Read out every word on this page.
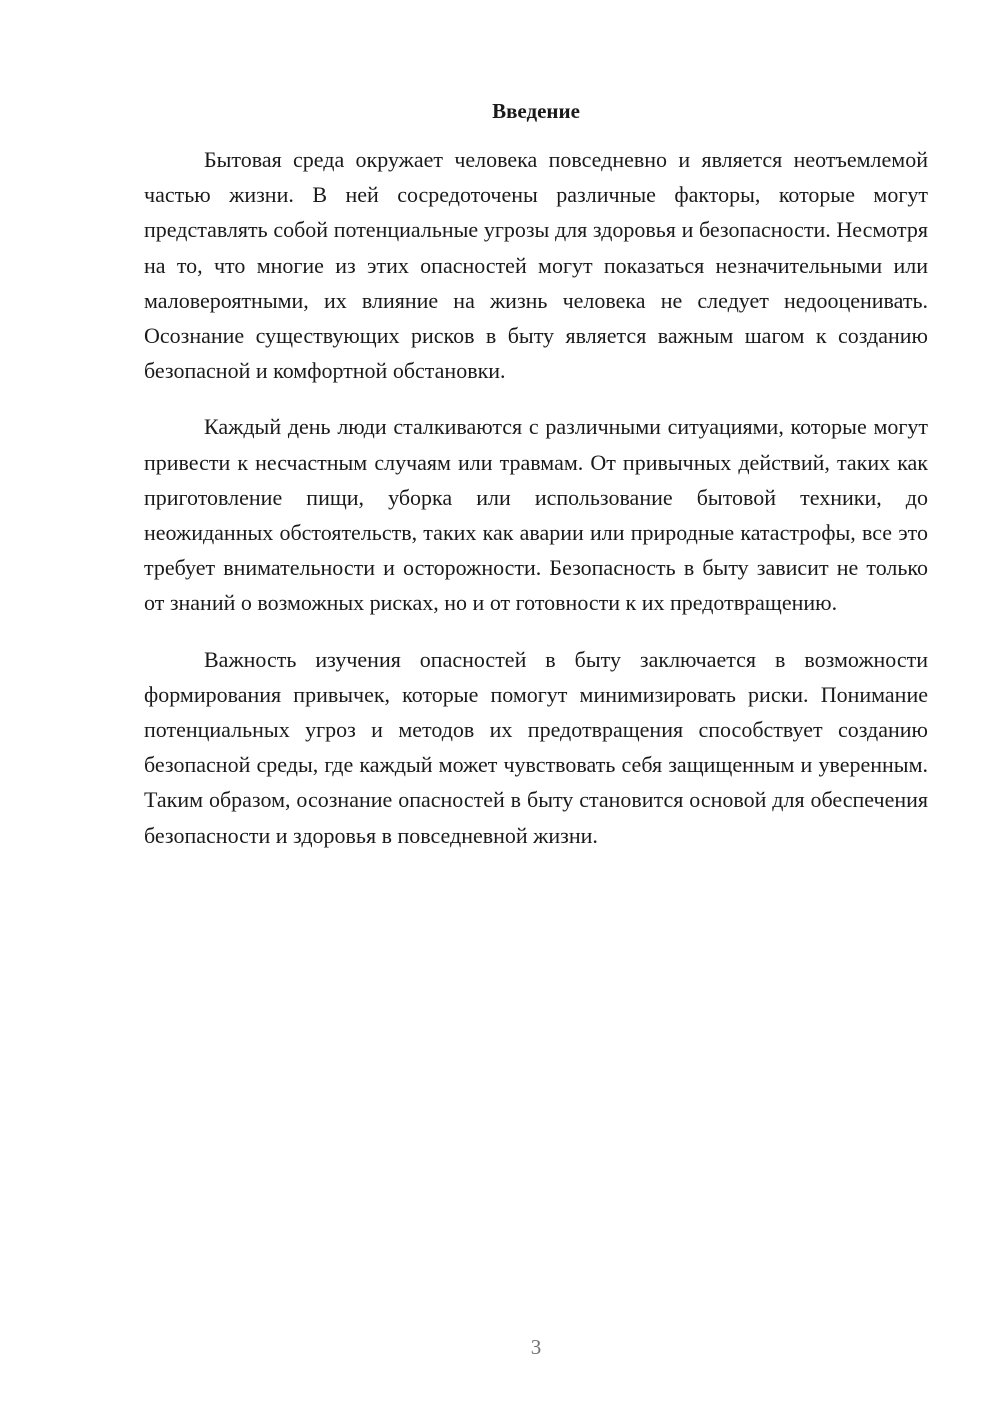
Введение

Бытовая среда окружает человека повседневно и является неотъемлемой частью жизни. В ней сосредоточены различные факторы, которые могут представлять собой потенциальные угрозы для здоровья и безопасности. Несмотря на то, что многие из этих опасностей могут показаться незначительными или маловероятными, их влияние на жизнь человека не следует недооценивать. Осознание существующих рисков в быту является важным шагом к созданию безопасной и комфортной обстановки.

Каждый день люди сталкиваются с различными ситуациями, которые могут привести к несчастным случаям или травмам. От привычных действий, таких как приготовление пищи, уборка или использование бытовой техники, до неожиданных обстоятельств, таких как аварии или природные катастрофы, все это требует внимательности и осторожности. Безопасность в быту зависит не только от знаний о возможных рисках, но и от готовности к их предотвращению.

Важность изучения опасностей в быту заключается в возможности формирования привычек, которые помогут минимизировать риски. Понимание потенциальных угроз и методов их предотвращения способствует созданию безопасной среды, где каждый может чувствовать себя защищенным и уверенным. Таким образом, осознание опасностей в быту становится основой для обеспечения безопасности и здоровья в повседневной жизни.

3
